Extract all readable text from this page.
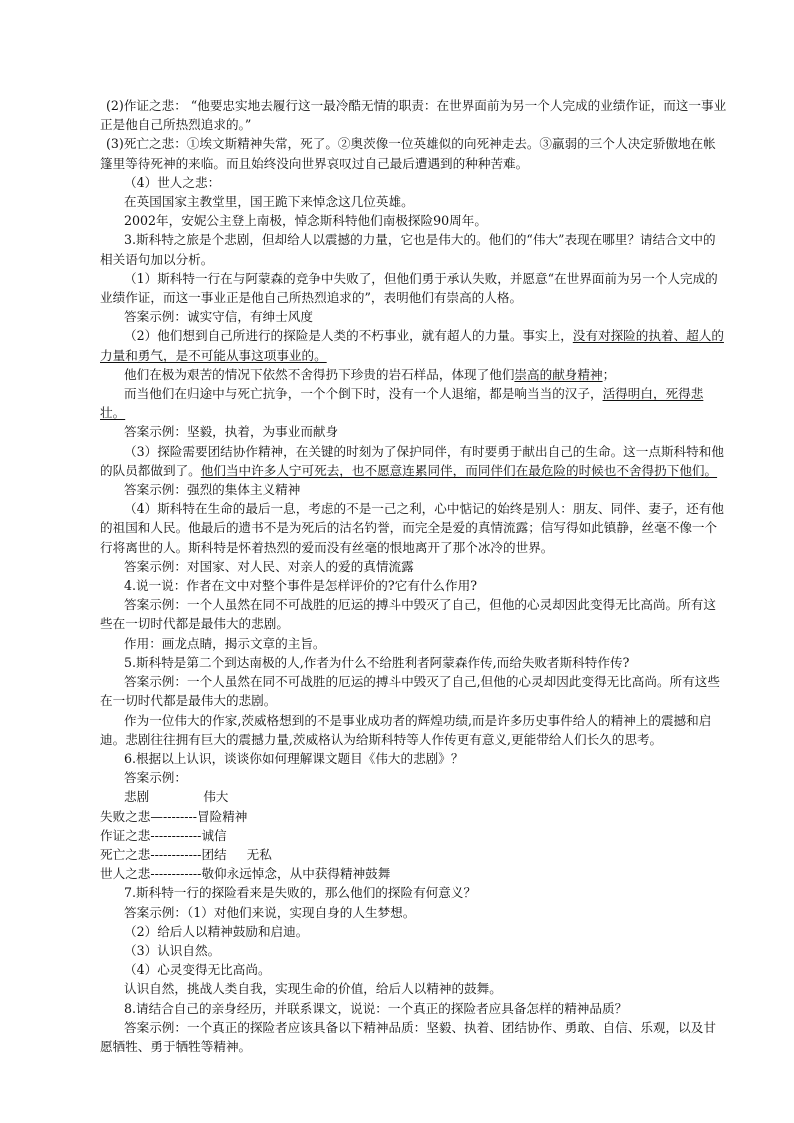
(2)作证之悲： “他要忠实地去履行这一最冷酷无情的职责：在世界面前为另一个人完成的业绩作证，而这一事业正是他自己所热烈追求的。”

(3)死亡之悲：①埃文斯精神失常，死了。②奥茨像一位英雄似的向死神走去。③羸弱的三个人决定骄傲地在帐篷里等待死神的来临。而且始终没向世界哀叹过自己最后遭遇到的种种苦难。

（4）世人之悲：

在英国国家主教堂里，国王跪下来悼念这几位英雄。

2002年，安妮公主登上南极，悼念斯科特他们南极探险90周年。

3.斯科特之旅是个悲剧，但却给人以震撼的力量，它也是伟大的。他们的“伟大”表现在哪里？请结合文中的相关语句加以分析。

（1）斯科特一行在与阿蒙森的竞争中失败了，但他们勇于承认失败，并愿意“在世界面前为另一个人完成的业绩作证，而这一事业正是他自己所热烈追求的”，表明他们有崇高的人格。

答案示例：诚实守信，有绅士风度

（2）他们想到自己所进行的探险是人类的不朽事业，就有超人的力量。事实上，没有对探险的执着、超人的力量和勇气，是不可能从事这项事业的。

他们在极为艰苦的情况下依然不舍得扔下珍贵的岩石样品，体现了他们崇高的献身精神；

而当他们在归途中与死亡抗争，一个个倒下时，没有一个人退缩，都是响当当的汉子，活得明白，死得悲壮。

答案示例：坚毅，执着，为事业而献身

（3）探险需要团结协作精神，在关键的时刻为了保护同伴，有时要勇于献出自己的生命。这一点斯科特和他的队员都做到了。他们当中许多人宁可死去，也不愿意连累同伴，而同伴们在最危险的时候也不舍得扔下他们。

答案示例：强烈的集体主义精神

（4）斯科特在生命的最后一息，考虑的不是一己之利，心中惦记的始终是别人：朋友、同伴、妻子，还有他的祖国和人民。他最后的遗书不是为死后的沽名钓誉，而完全是爱的真情流露；信写得如此镇静，丝毫不像一个行将离世的人。斯科特是怀着热烈的爱而没有丝毫的恨地离开了那个冰冷的世界。

答案示例：对国家、对人民、对亲人的爱的真情流露

4.说一说：作者在文中对整个事件是怎样评价的?它有什么作用?

答案示例：一个人虽然在同不可战胜的厄运的搏斗中毁灭了自己，但他的心灵却因此变得无比高尚。所有这些在一切时代都是最伟大的悲剧。

作用：画龙点睛，揭示文章的主旨。

5.斯科特是第二个到达南极的人,作者为什么不给胜利者阿蒙森作传,而给失败者斯科特作传?

答案示例：一个人虽然在同不可战胜的厄运的搏斗中毁灭了自己,但他的心灵却因此变得无比高尚。所有这些在一切时代都是最伟大的悲剧。

作为一位伟大的作家,茨威格想到的不是事业成功者的辉煌功绩,而是许多历史事件给人的精神上的震撼和启迪。悲剧往往拥有巨大的震撼力量,茨威格认为给斯科特等人作传更有意义,更能带给人们长久的思考。

6.根据以上认识，谈谈你如何理解课文题目《伟大的悲剧》？

答案示例：

悲剧	伟大

失败之悲—--------冒险精神

作证之悲------------诚信

死亡之悲------------团结 无私

世人之悲------------敬仰永远悼念，从中获得精神鼓舞

7.斯科特一行的探险看来是失败的，那么他们的探险有何意义？

答案示例：（1）对他们来说，实现自身的人生梦想。

（2）给后人以精神鼓励和启迪。

（3）认识自然。

（4）心灵变得无比高尚。

认识自然，挑战人类自我，实现生命的价值，给后人以精神的鼓舞。

8.请结合自己的亲身经历，并联系课文，说说：一个真正的探险者应具备怎样的精神品质？

答案示例：一个真正的探险者应该具备以下精神品质：坚毅、执着、团结协作、勇敢、自信、乐观，以及甘愿牺牲、勇于牺牲等精神。
